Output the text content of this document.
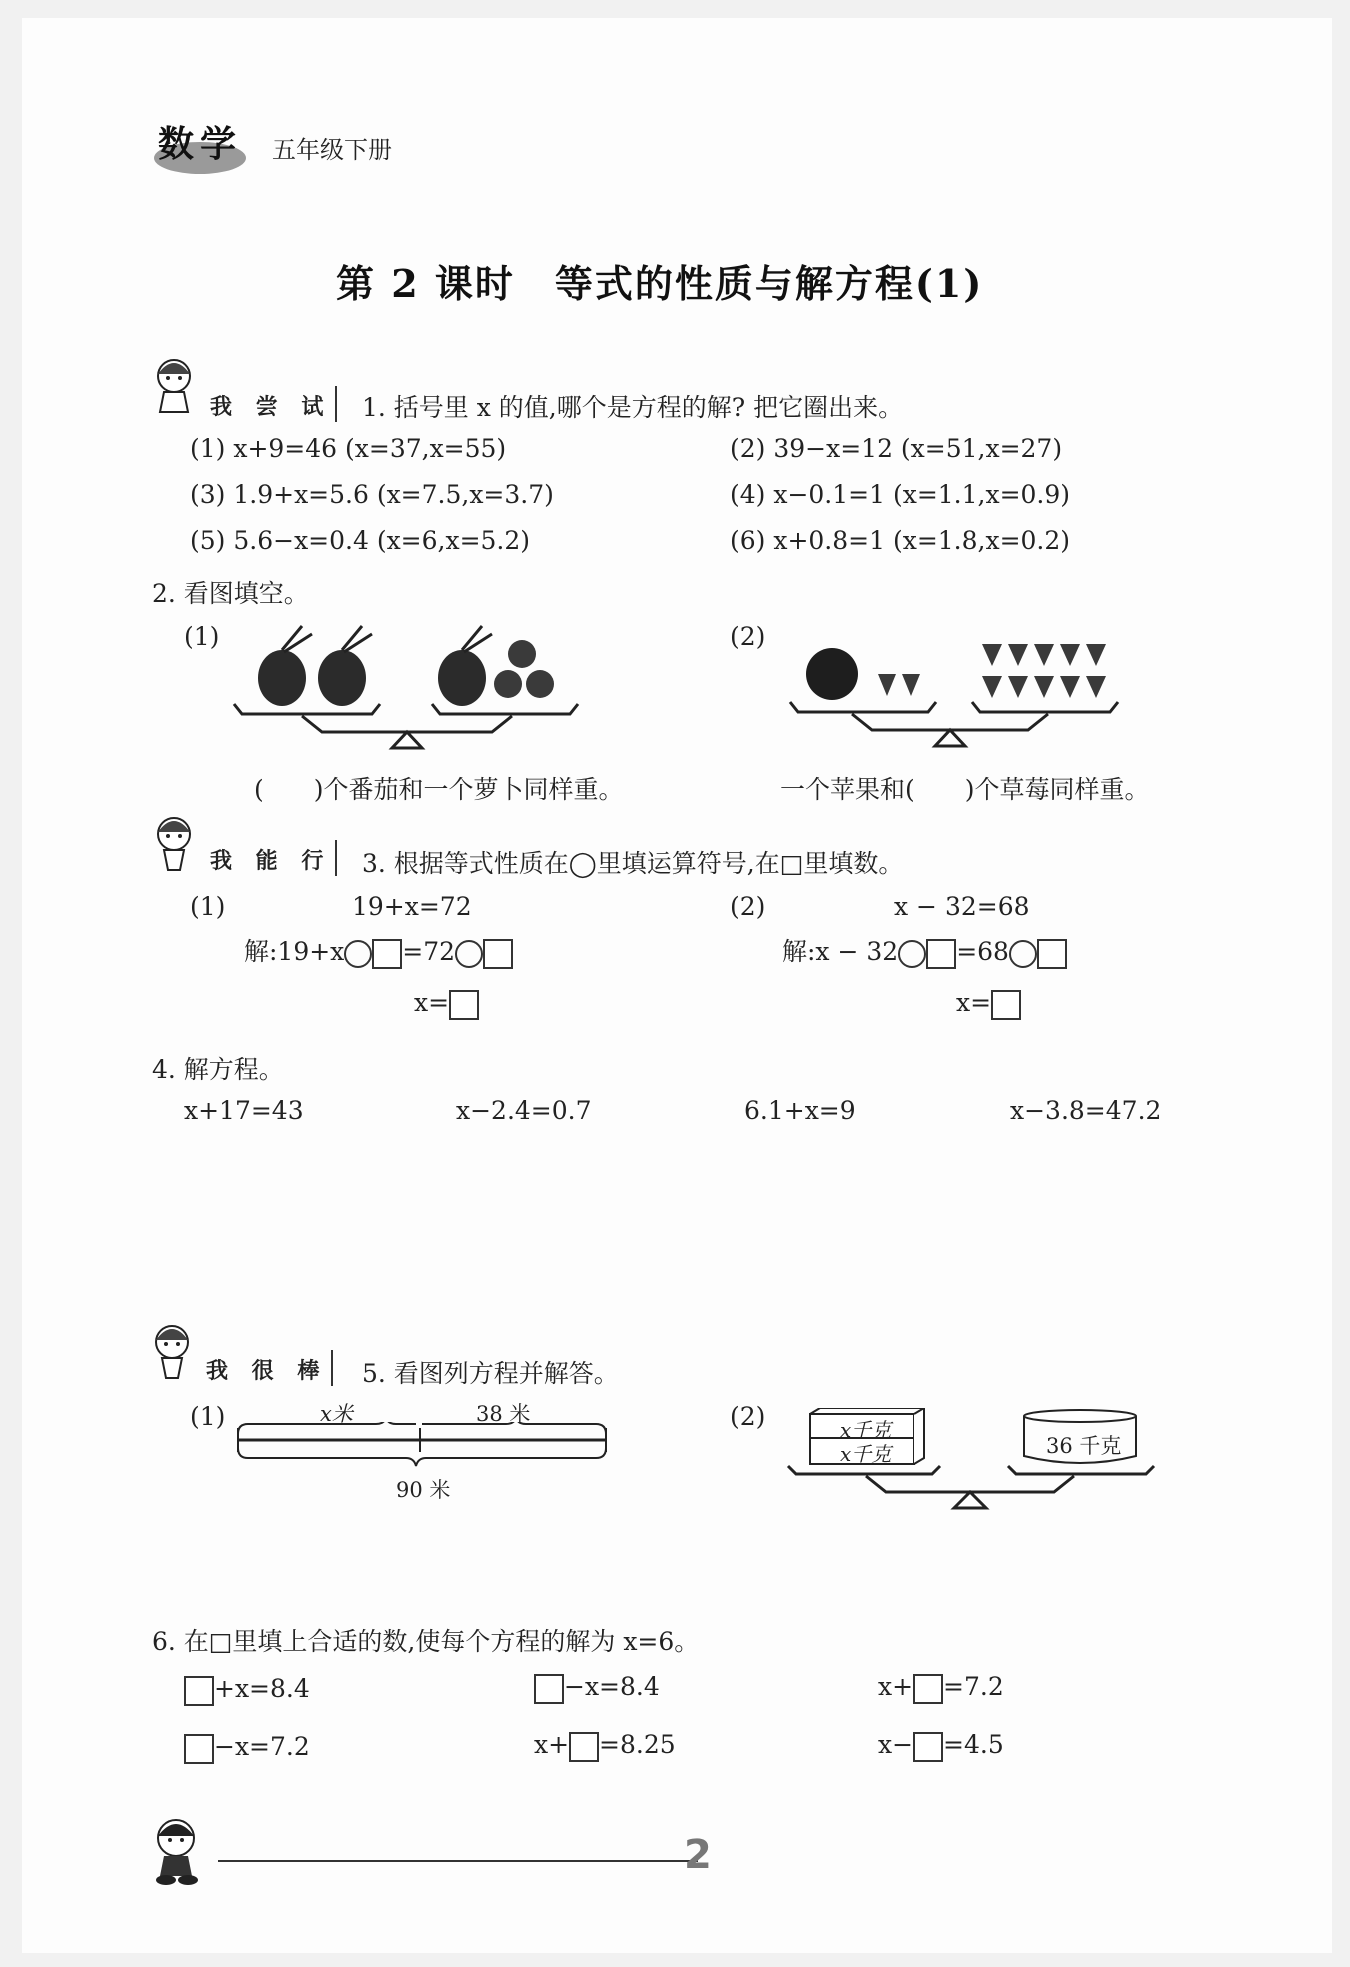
数学 五年级下册
第 2 课时　等式的性质与解方程(1)
我 尝 试 1. 括号里 x 的值,哪个是方程的解? 把它圈出来。
(1) x+9=46 (x=37,x=55)	(2) 39−x=12 (x=51,x=27)
(3) 1.9+x=5.6 (x=7.5,x=3.7)	(4) x−0.1=1 (x=1.1,x=0.9)
(5) 5.6−x=0.4 (x=6,x=5.2)	(6) x+0.8=1 (x=1.8,x=0.2)
2. 看图填空。
(1)
(　　)个番茄和一个萝卜同样重。
(2)
一个苹果和(　　)个草莓同样重。
我 能 行 3. 根据等式性质在◯里填运算符号,在□里填数。
(1)	19+x=72
解:19+x =72
x=
(2)	x − 32=68
解:x − 32 =68
x=
4. 解方程。
x+17=43	x−2.4=0.7	6.1+x=9	x−3.8=47.2
我 很 棒 5. 看图列方程并解答。
(1)	x米	38 米
90 米
(2)	x千克
x千克	36 千克
6. 在□里填上合适的数,使每个方程的解为 x=6。
+x=8.4	−x=8.4	x+ =7.2
−x=7.2	x+ =8.25	x− =4.5
2
